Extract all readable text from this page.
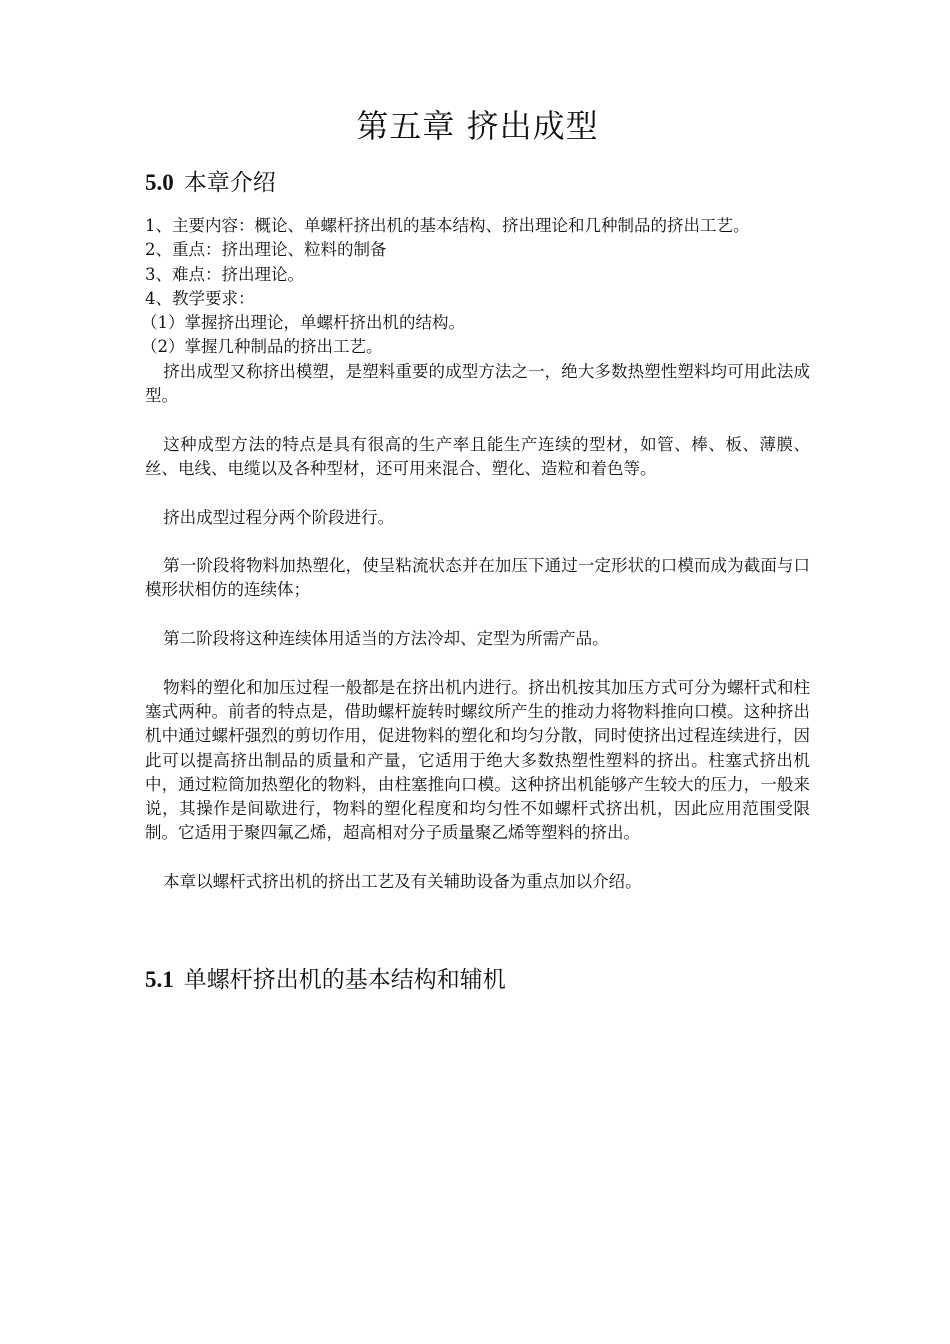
第五章 挤出成型
5.0 本章介绍

1、主要内容：概论、单螺杆挤出机的基本结构、挤出理论和几种制品的挤出工艺。

2、重点：挤出理论、粒料的制备

3、难点：挤出理论。

4、教学要求：

（1）掌握挤出理论，单螺杆挤出机的结构。

（2）掌握几种制品的挤出工艺。

挤出成型又称挤出模塑，是塑料重要的成型方法之一，绝大多数热塑性塑料均可用此法成型。

这种成型方法的特点是具有很高的生产率且能生产连续的型材，如管、棒、板、薄膜、丝、电线、电缆以及各种型材，还可用来混合、塑化、造粒和着色等。

挤出成型过程分两个阶段进行。

第一阶段将物料加热塑化，使呈粘流状态并在加压下通过一定形状的口模而成为截面与口模形状相仿的连续体；

第二阶段将这种连续体用适当的方法冷却、定型为所需产品。

物料的塑化和加压过程一般都是在挤出机内进行。挤出机按其加压方式可分为螺杆式和柱塞式两种。前者的特点是，借助螺杆旋转时螺纹所产生的推动力将物料推向口模。这种挤出机中通过螺杆强烈的剪切作用，促进物料的塑化和均匀分散，同时使挤出过程连续进行，因此可以提高挤出制品的质量和产量，它适用于绝大多数热塑性塑料的挤出。柱塞式挤出机中，通过粒筒加热塑化的物料，由柱塞推向口模。这种挤出机能够产生较大的压力，一般来说，其操作是间歇进行，物料的塑化程度和均匀性不如螺杆式挤出机，因此应用范围受限制。它适用于聚四氟乙烯，超高相对分子质量聚乙烯等塑料的挤出。

本章以螺杆式挤出机的挤出工艺及有关辅助设备为重点加以介绍。

5.1 单螺杆挤出机的基本结构和辅机
